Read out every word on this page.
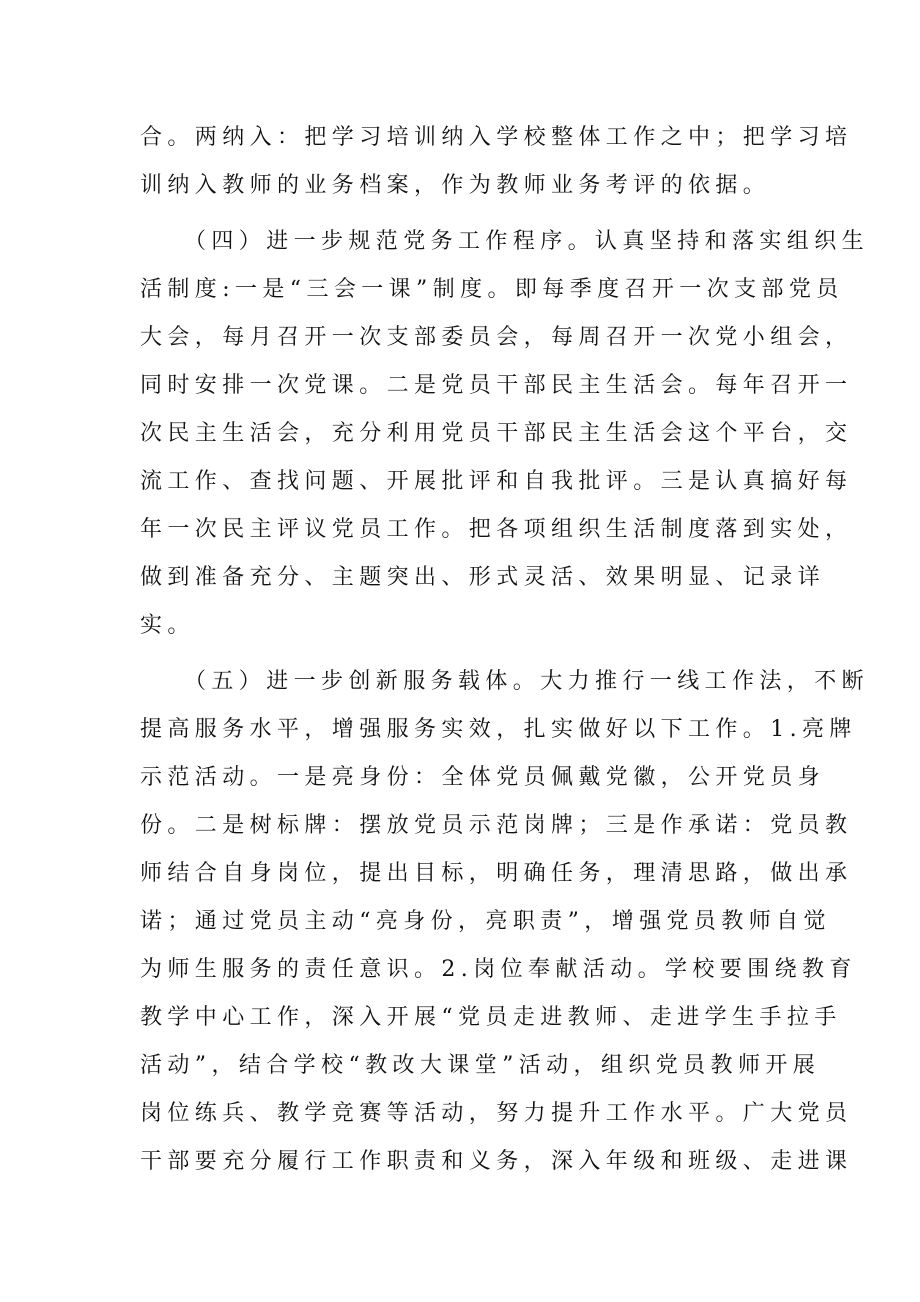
合。两纳入：把学习培训纳入学校整体工作之中；把学习培
训纳入教师的业务档案，作为教师业务考评的依据。
（四）进一步规范党务工作程序。认真坚持和落实组织生
活制度:一是“三会一课”制度。即每季度召开一次支部党员
大会，每月召开一次支部委员会，每周召开一次党小组会，
同时安排一次党课。二是党员干部民主生活会。每年召开一
次民主生活会，充分利用党员干部民主生活会这个平台，交
流工作、查找问题、开展批评和自我批评。三是认真搞好每
年一次民主评议党员工作。把各项组织生活制度落到实处，
做到准备充分、主题突出、形式灵活、效果明显、记录详
实。
（五）进一步创新服务载体。大力推行一线工作法，不断
提高服务水平，增强服务实效，扎实做好以下工作。1.亮牌
示范活动。一是亮身份：全体党员佩戴党徽，公开党员身
份。二是树标牌：摆放党员示范岗牌；三是作承诺：党员教
师结合自身岗位，提出目标，明确任务，理清思路，做出承
诺；通过党员主动“亮身份，亮职责”，增强党员教师自觉
为师生服务的责任意识。2.岗位奉献活动。学校要围绕教育
教学中心工作，深入开展“党员走进教师、走进学生手拉手
活动”，结合学校“教改大课堂”活动，组织党员教师开展
岗位练兵、教学竞赛等活动，努力提升工作水平。广大党员
干部要充分履行工作职责和义务，深入年级和班级、走进课
